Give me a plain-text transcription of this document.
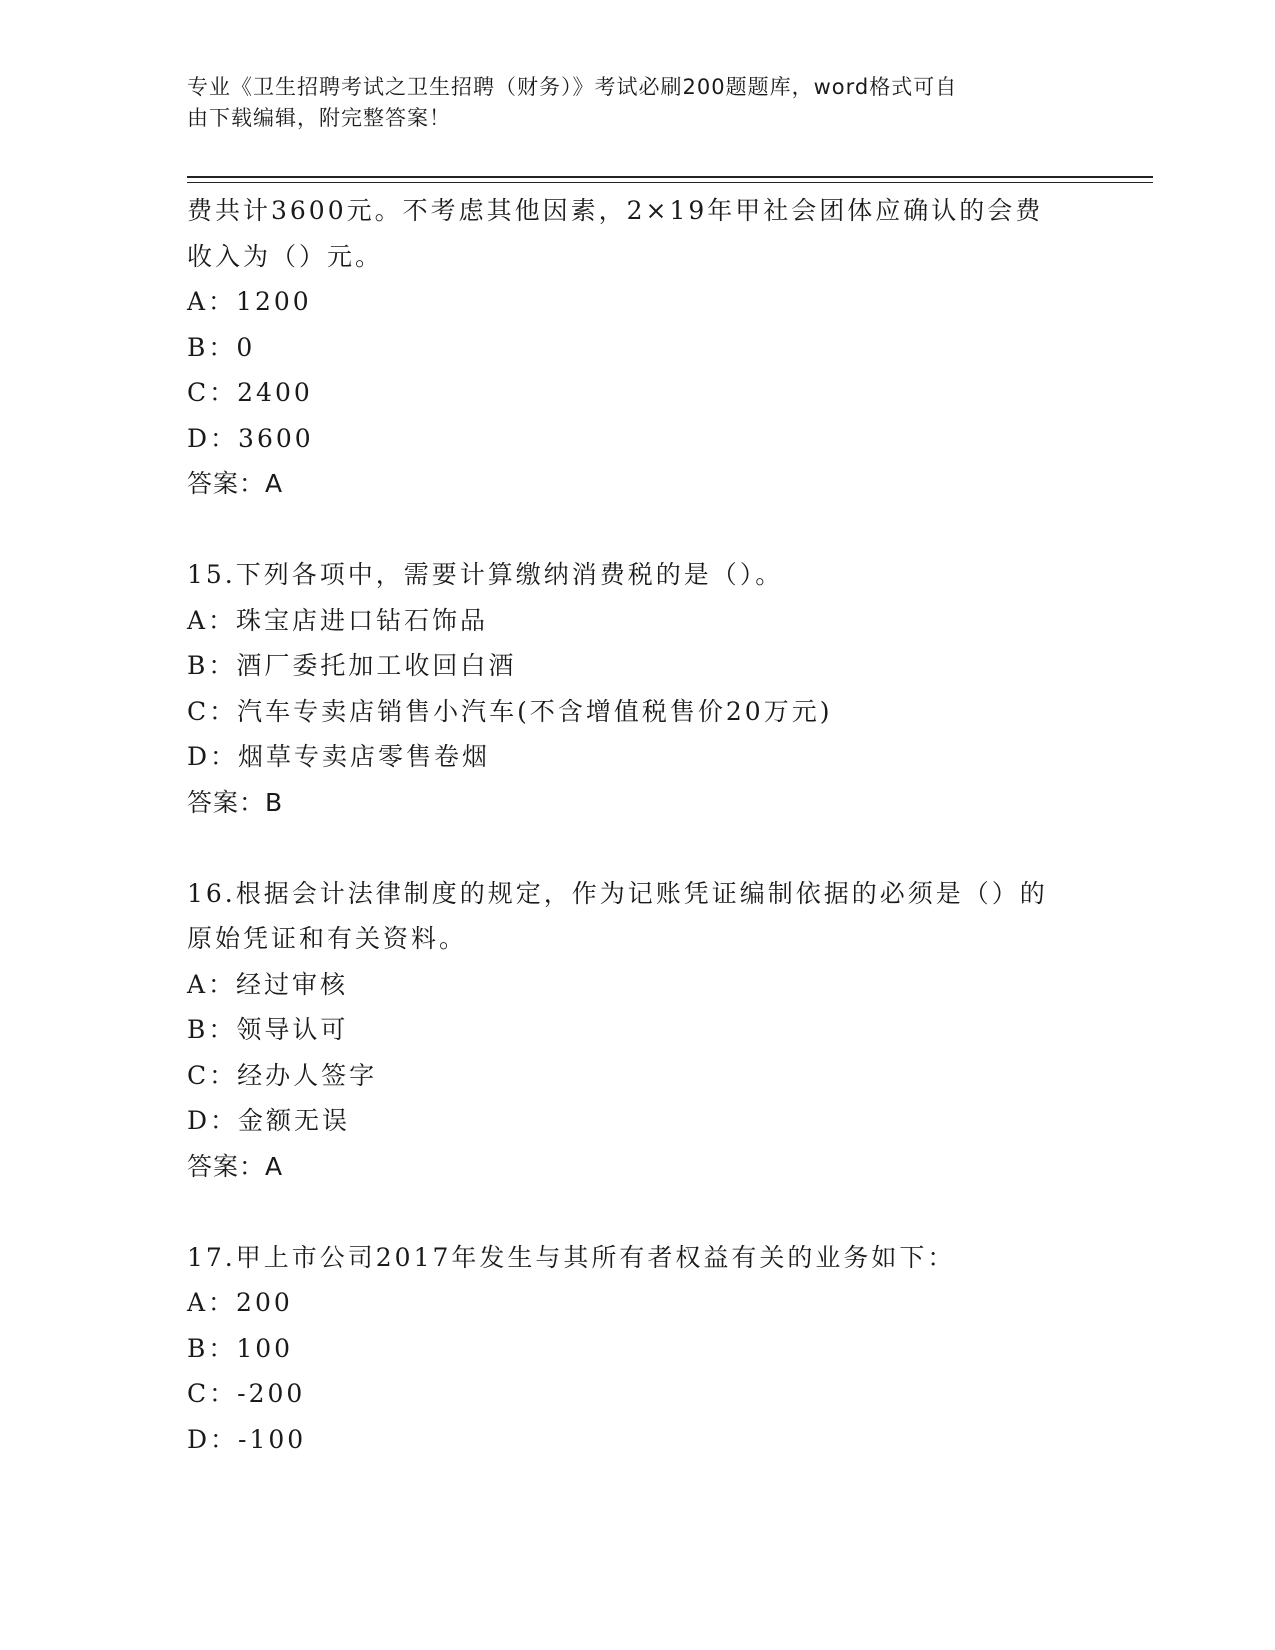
专业《卫生招聘考试之卫生招聘（财务）》考试必刷200题题库，word格式可自
由下载编辑，附完整答案！
费共计3600元。不考虑其他因素，2×19年甲社会团体应确认的会费
收入为（）元。
A：1200
B：0
C：2400
D：3600
答案：A
15.下列各项中，需要计算缴纳消费税的是（）。
A：珠宝店进口钻石饰品
B：酒厂委托加工收回白酒
C：汽车专卖店销售小汽车(不含增值税售价20万元)
D：烟草专卖店零售卷烟
答案：B
16.根据会计法律制度的规定，作为记账凭证编制依据的必须是（）的
原始凭证和有关资料。
A：经过审核
B：领导认可
C：经办人签字
D：金额无误
答案：A
17.甲上市公司2017年发生与其所有者权益有关的业务如下：
A：200
B：100
C：-200
D：-100
